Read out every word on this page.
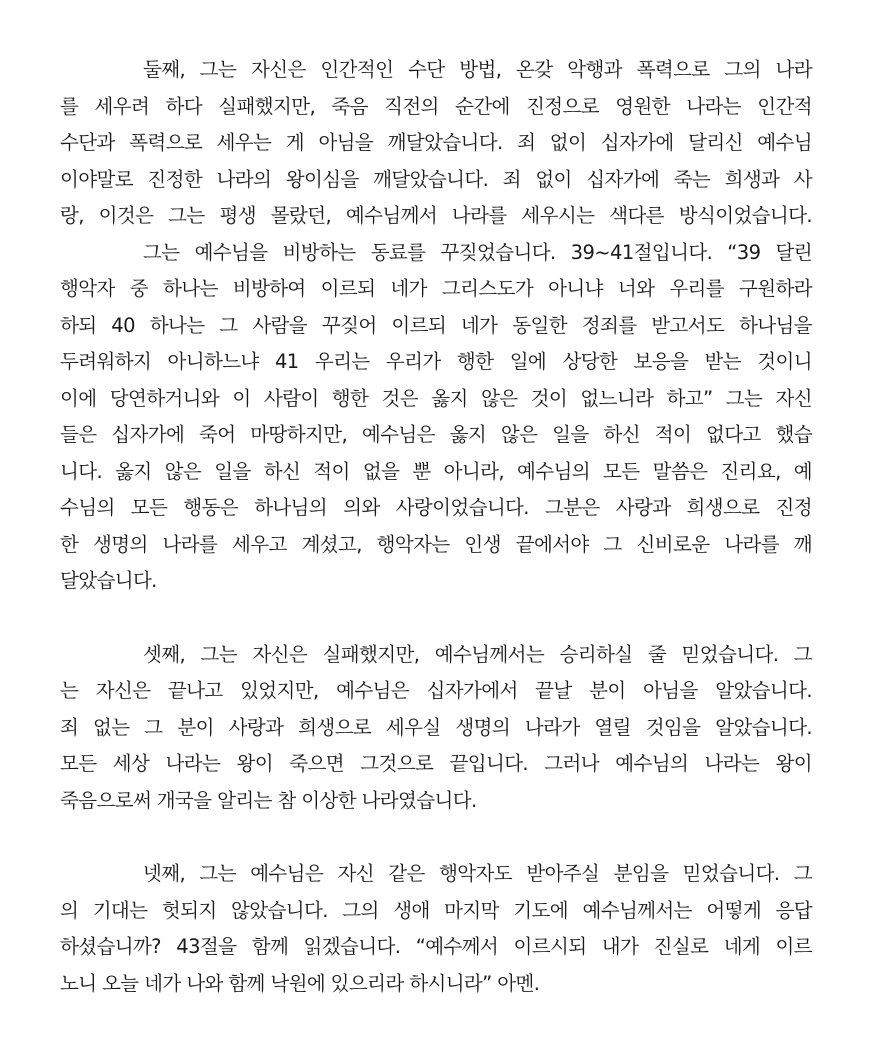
둘째, 그는 자신은 인간적인 수단 방법, 온갖 악행과 폭력으로 그의 나라
를 세우려 하다 실패했지만, 죽음 직전의 순간에 진정으로 영원한 나라는 인간적
수단과 폭력으로 세우는 게 아님을 깨달았습니다. 죄 없이 십자가에 달리신 예수님
이야말로 진정한 나라의 왕이심을 깨달았습니다. 죄 없이 십자가에 죽는 희생과 사
랑, 이것은 그는 평생 몰랐던, 예수님께서 나라를 세우시는 색다른 방식이었습니다.
그는 예수님을 비방하는 동료를 꾸짖었습니다. 39~41절입니다. “39 달린
행악자 중 하나는 비방하여 이르되 네가 그리스도가 아니냐 너와 우리를 구원하라
하되 40 하나는 그 사람을 꾸짖어 이르되 네가 동일한 정죄를 받고서도 하나님을
두려워하지 아니하느냐 41 우리는 우리가 행한 일에 상당한 보응을 받는 것이니
이에 당연하거니와 이 사람이 행한 것은 옳지 않은 것이 없느니라 하고” 그는 자신
들은 십자가에 죽어 마땅하지만, 예수님은 옳지 않은 일을 하신 적이 없다고 했습
니다. 옳지 않은 일을 하신 적이 없을 뿐 아니라, 예수님의 모든 말씀은 진리요, 예
수님의 모든 행동은 하나님의 의와 사랑이었습니다. 그분은 사랑과 희생으로 진정
한 생명의 나라를 세우고 계셨고, 행악자는 인생 끝에서야 그 신비로운 나라를 깨
달았습니다.
셋째, 그는 자신은 실패했지만, 예수님께서는 승리하실 줄 믿었습니다. 그
는 자신은 끝나고 있었지만, 예수님은 십자가에서 끝날 분이 아님을 알았습니다.
죄 없는 그 분이 사랑과 희생으로 세우실 생명의 나라가 열릴 것임을 알았습니다.
모든 세상 나라는 왕이 죽으면 그것으로 끝입니다. 그러나 예수님의 나라는 왕이
죽음으로써 개국을 알리는 참 이상한 나라였습니다.
넷째, 그는 예수님은 자신 같은 행악자도 받아주실 분임을 믿었습니다. 그
의 기대는 헛되지 않았습니다. 그의 생애 마지막 기도에 예수님께서는 어떻게 응답
하셨습니까? 43절을 함께 읽겠습니다. “예수께서 이르시되 내가 진실로 네게 이르
노니 오늘 네가 나와 함께 낙원에 있으리라 하시니라” 아멘.
